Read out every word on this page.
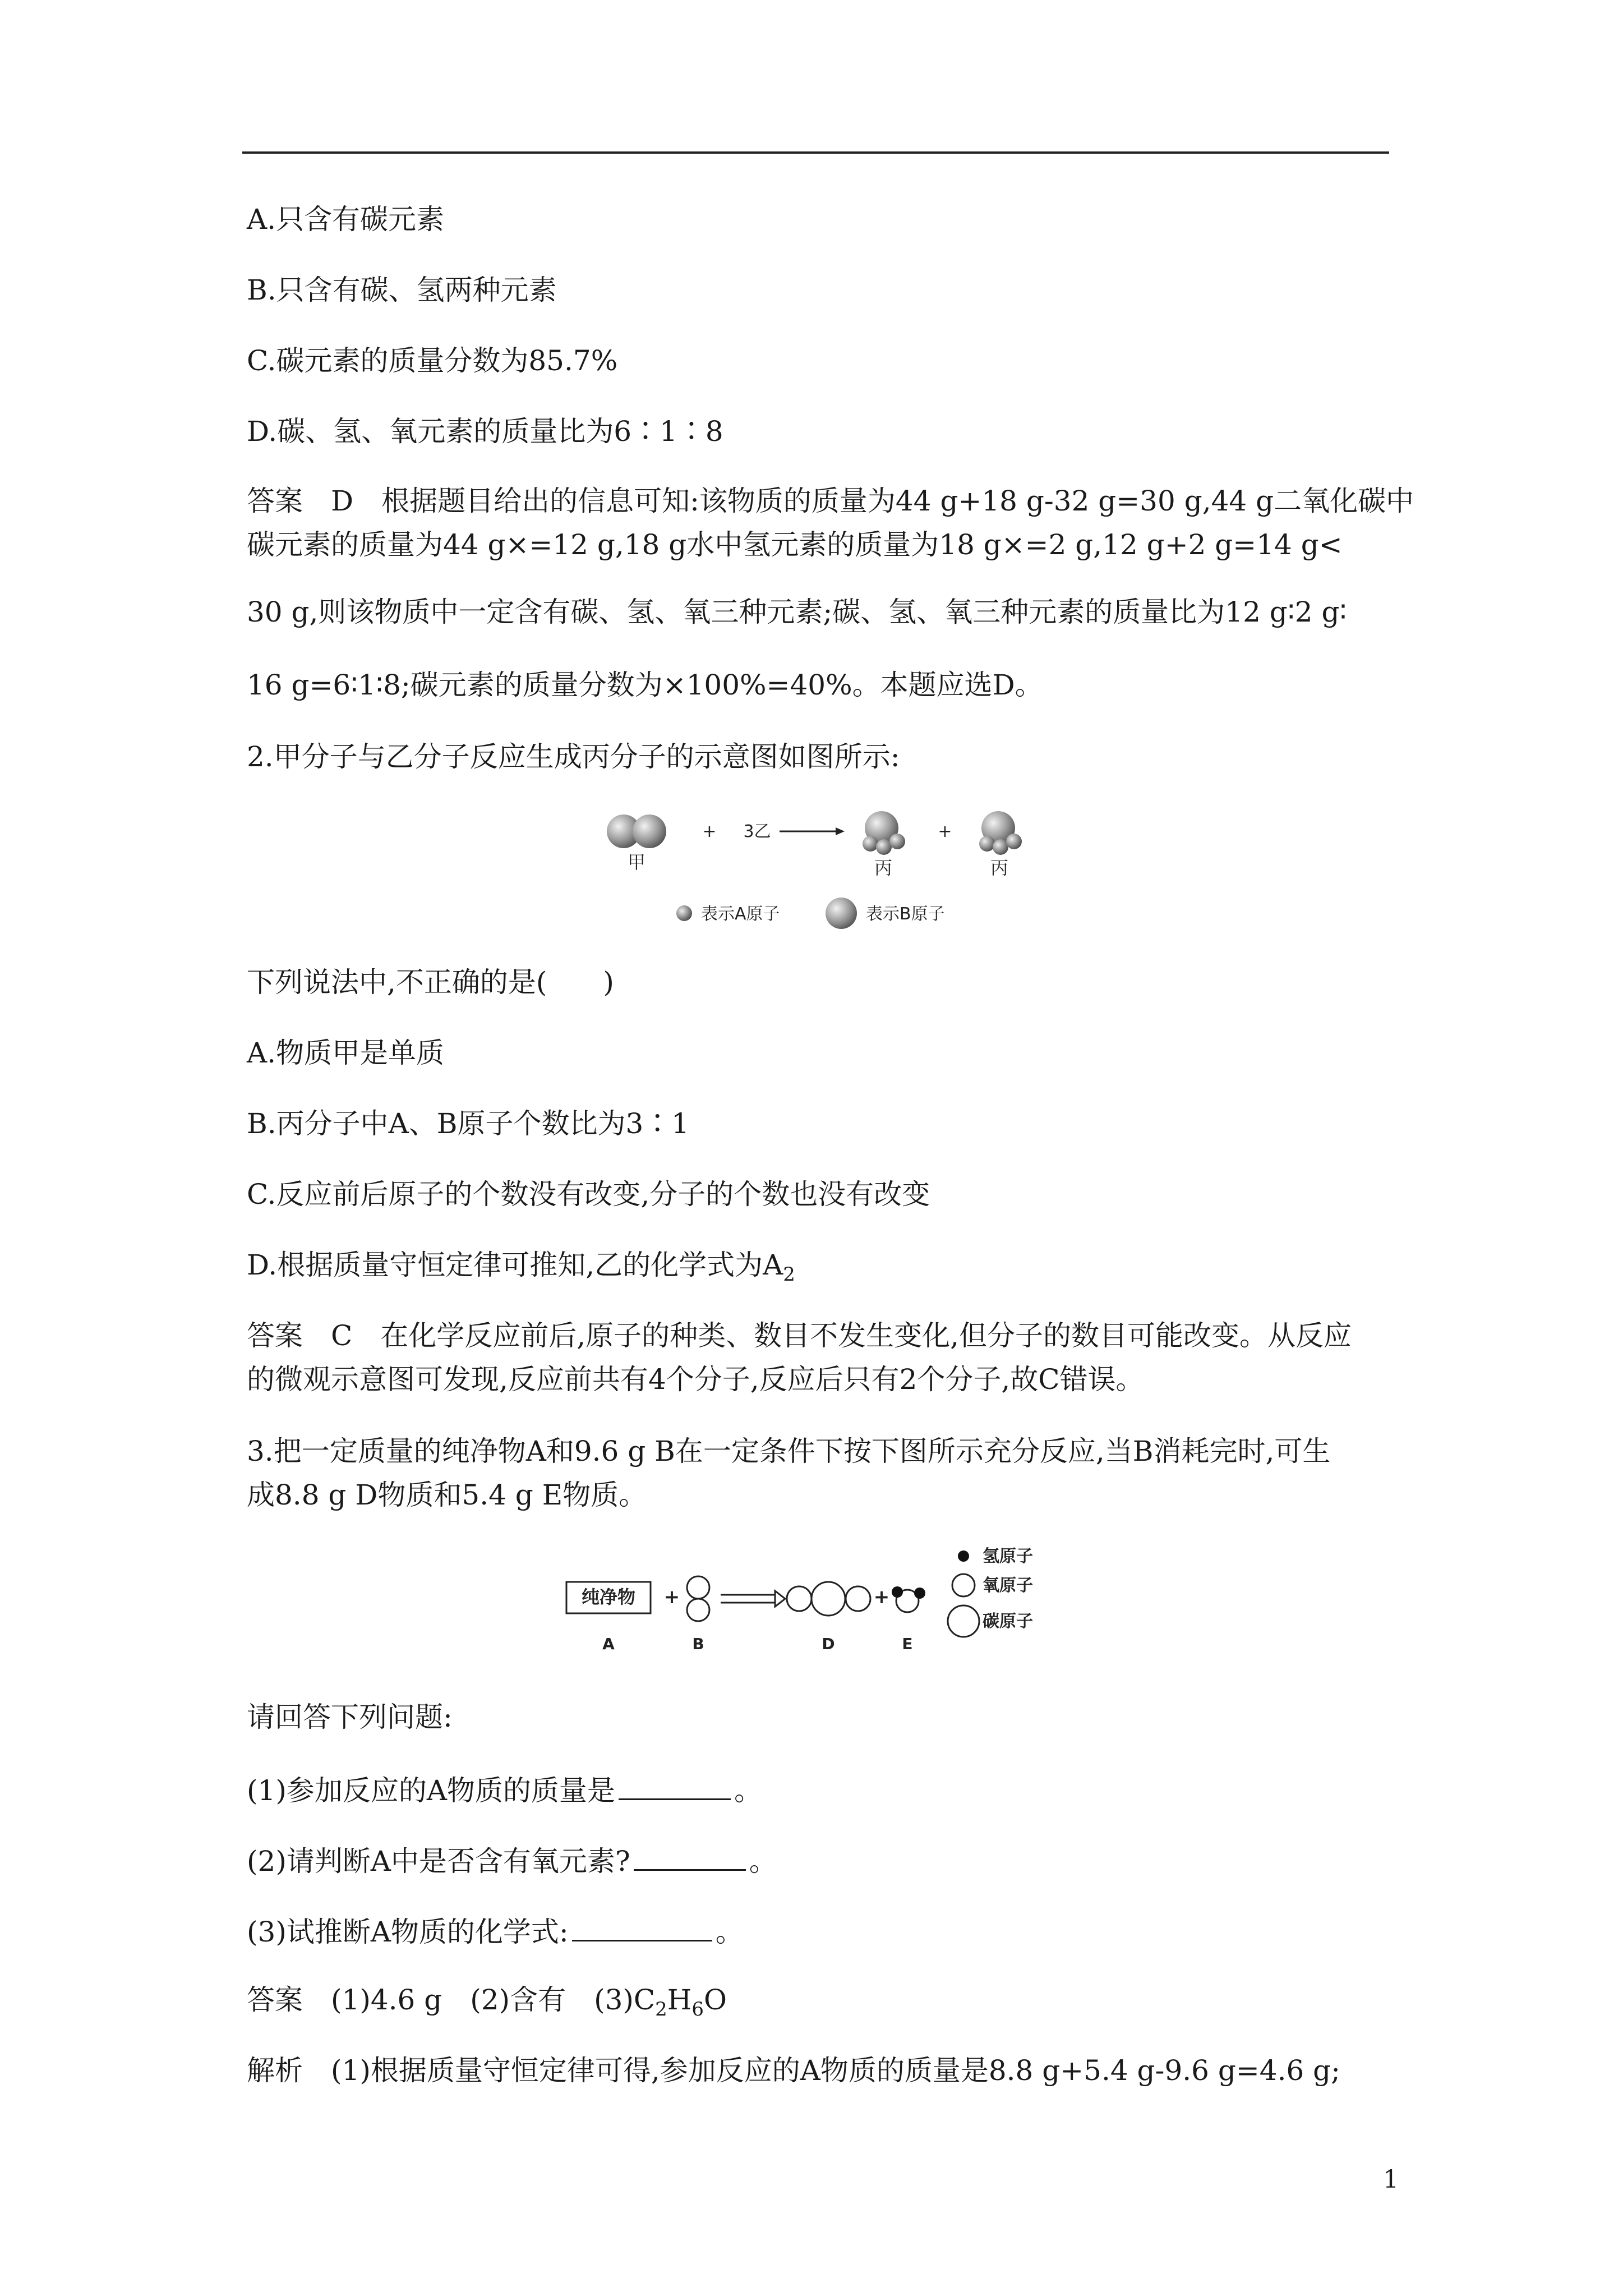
A.只含有碳元素
B.只含有碳、氢两种元素
C.碳元素的质量分数为85.7%
D.碳、氢、氧元素的质量比为6∶1∶8
答案　D　根据题目给出的信息可知:该物质的质量为44 g+18 g-32 g=30 g,44 g二氧化碳中
碳元素的质量为44 g×=12 g,18 g水中氢元素的质量为18 g×=2 g,12 g+2 g=14 g<
30 g,则该物质中一定含有碳、氢、氧三种元素;碳、氢、氧三种元素的质量比为12 g∶2 g∶
16 g=6∶1∶8;碳元素的质量分数为×100%=40%。本题应选D。
2.甲分子与乙分子反应生成丙分子的示意图如图所示:
甲
+ 3乙
丙
+
丙
表示A原子	表示B原子
下列说法中,不正确的是(　　)
A.物质甲是单质
B.丙分子中A、B原子个数比为3∶1
C.反应前后原子的个数没有改变,分子的个数也没有改变
D.根据质量守恒定律可推知,乙的化学式为$A_2$
答案　C　在化学反应前后,原子的种类、数目不发生变化,但分子的数目可能改变。从反应
的微观示意图可发现,反应前共有4个分子,反应后只有2个分子,故C错误。
3.把一定质量的纯净物A和9.6 g B在一定条件下按下图所示充分反应,当B消耗完时,可生
成8.8 g D物质和5.4 g E物质。
纯净物
A
+
B	D
+
E
氢原子
氧原子
碳原子
请回答下列问题:
(1)参加反应的A物质的质量是	。
(2)请判断A中是否含有氧元素?	。
(3)试推断A物质的化学式:	。
答案　(1)4.6 g　(2)含有　$(3)C_2H_6O$
解析　(1)根据质量守恒定律可得,参加反应的A物质的质量是8.8 g+5.4 g-9.6 g=4.6 g;
1
